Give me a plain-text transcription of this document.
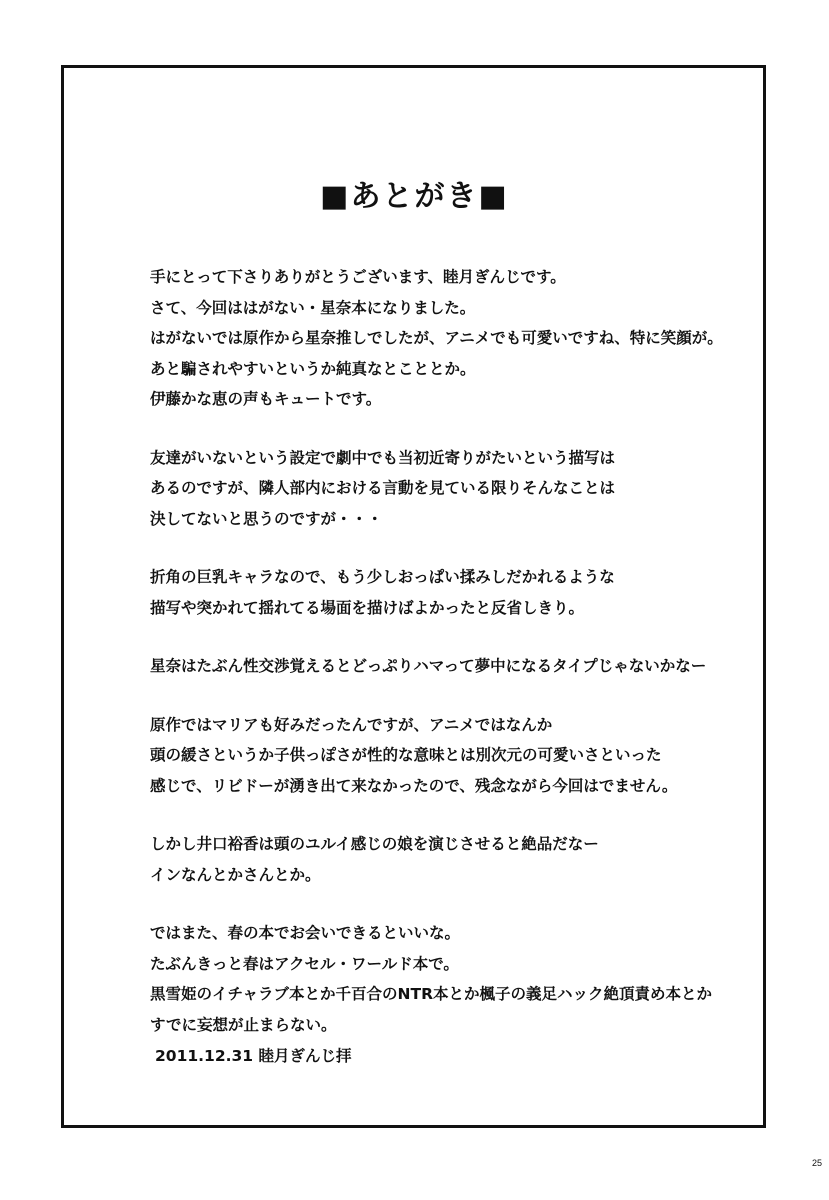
■あとがき■
手にとって下さりありがとうございます、睦月ぎんじです。
さて、今回ははがない・星奈本になりました。
はがないでは原作から星奈推しでしたが、アニメでも可愛いですね、特に笑顔が。
あと騙されやすいというか純真なとこととか。
伊藤かな恵の声もキュートです。
友達がいないという設定で劇中でも当初近寄りがたいという描写は
あるのですが、隣人部内における言動を見ている限りそんなことは
決してないと思うのですが・・・
折角の巨乳キャラなので、もう少しおっぱい揉みしだかれるような
描写や突かれて揺れてる場面を描けばよかったと反省しきり。
星奈はたぶん性交渉覚えるとどっぷりハマって夢中になるタイプじゃないかなー
原作ではマリアも好みだったんですが、アニメではなんか
頭の緩さというか子供っぽさが性的な意味とは別次元の可愛いさといった
感じで、リビドーが湧き出て来なかったので、残念ながら今回はでません。
しかし井口裕香は頭のユルイ感じの娘を演じさせると絶品だなー
インなんとかさんとか。
ではまた、春の本でお会いできるといいな。
たぶんきっと春はアクセル・ワールド本で。
黒雪姫のイチャラブ本とか千百合のNTR本とか楓子の義足ハック絶頂責め本とか
すでに妄想が止まらない。
2011.12.31 睦月ぎんじ拝
25
